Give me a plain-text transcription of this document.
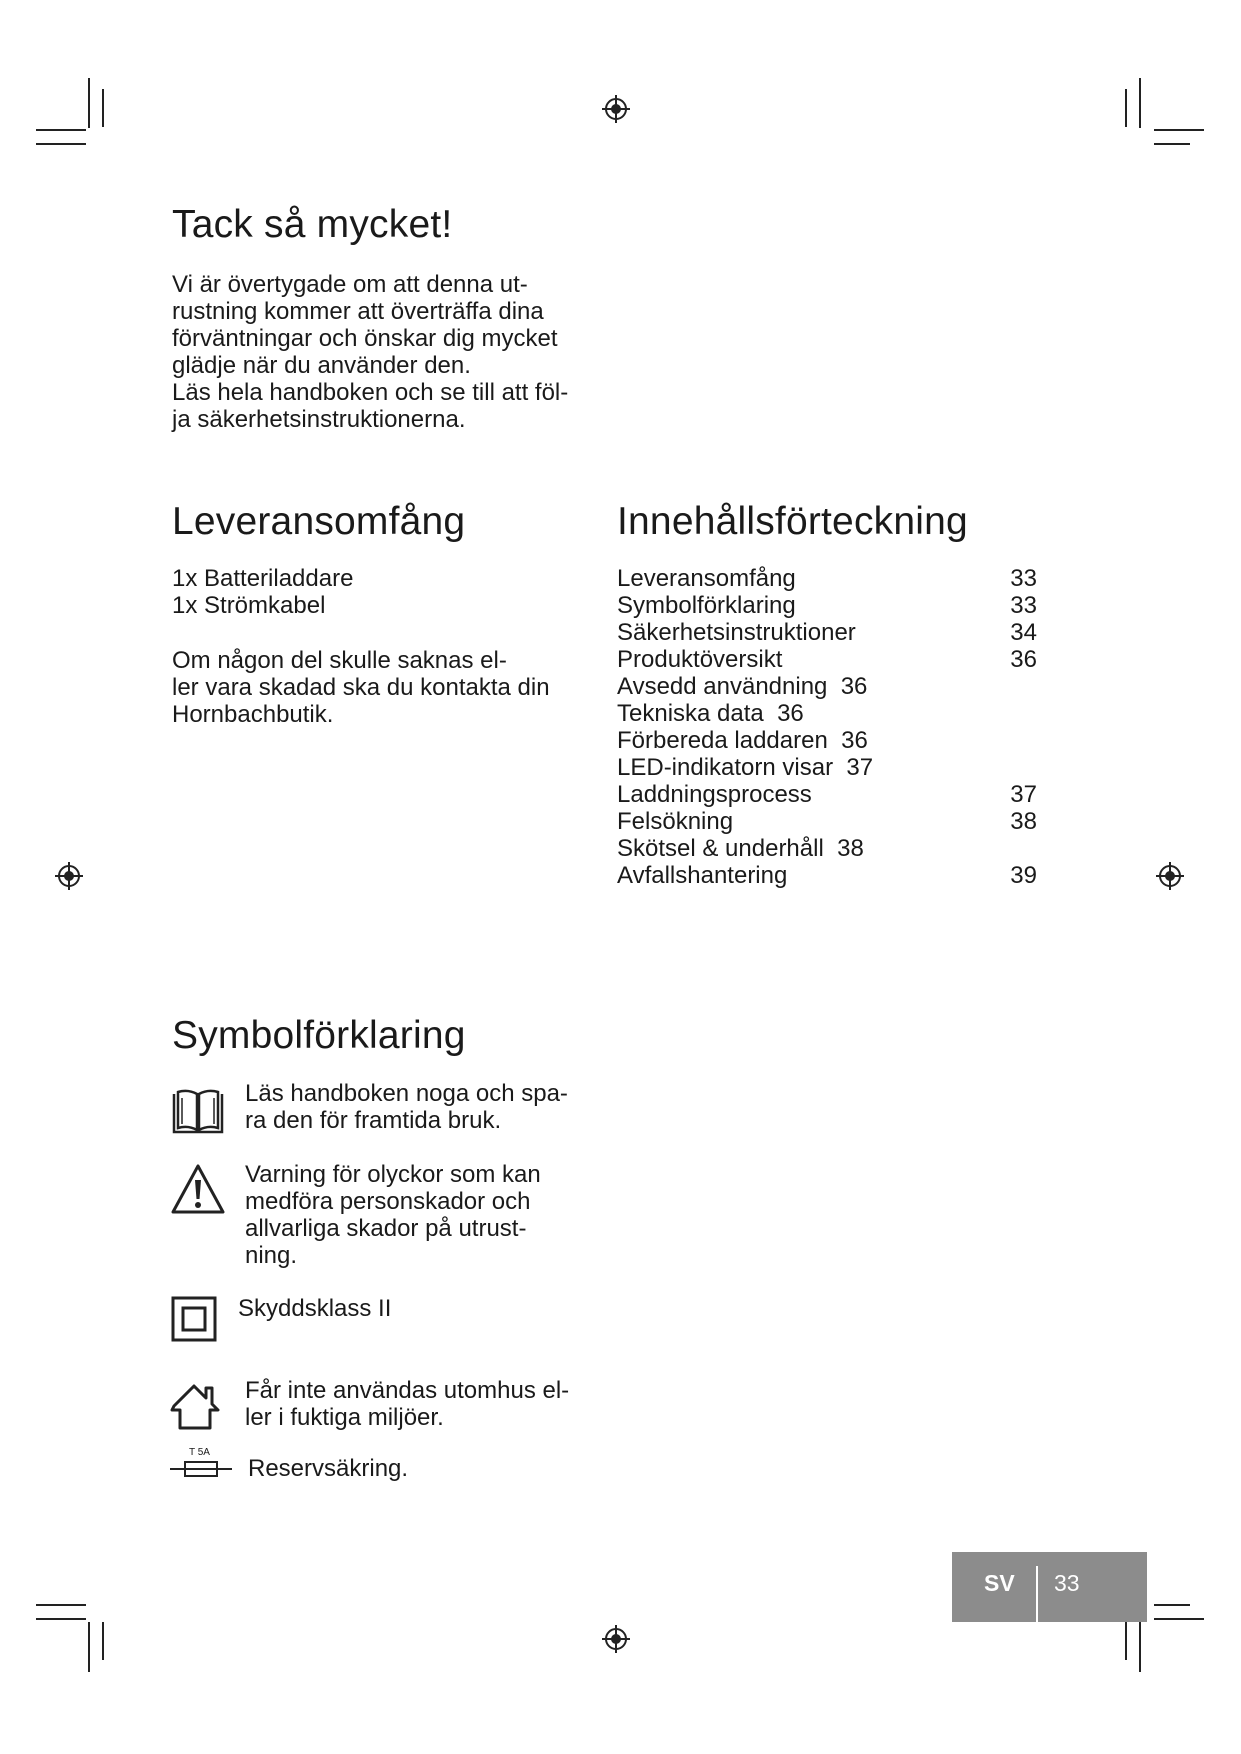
Tack så mycket!

Vi är övertygade om att denna ut-

rustning kommer att överträffa dina

förväntningar och önskar dig mycket

glädje när du använder den.

Läs hela handboken och se till att föl-

ja säkerhetsinstruktionerna.

Leveransomfång

1x Batteriladdare

1x Strömkabel

Om någon del skulle saknas el-

ler vara skadad ska du kontakta din

Hornbachbutik.

Innehållsförteckning
Leveransomfång	33
Symbolförklaring	33
Säkerhetsinstruktioner	34
Produktöversikt	36
Avsedd användning 36
Tekniska data 36
Förbereda laddaren 36
LED-indikatorn visar 37
Laddningsprocess	37
Felsökning	38
Skötsel & underhåll 38
Avfallshantering	39
Symbolförklaring

Läs handboken noga och spa-

ra den för framtida bruk.

Varning för olyckor som kan

medföra personskador och

allvarliga skador på utrust-

ning.

Skyddsklass II

Får inte användas utomhus el-

ler i fuktiga miljöer.

T 5A

Reservsäkring.

SV 33
